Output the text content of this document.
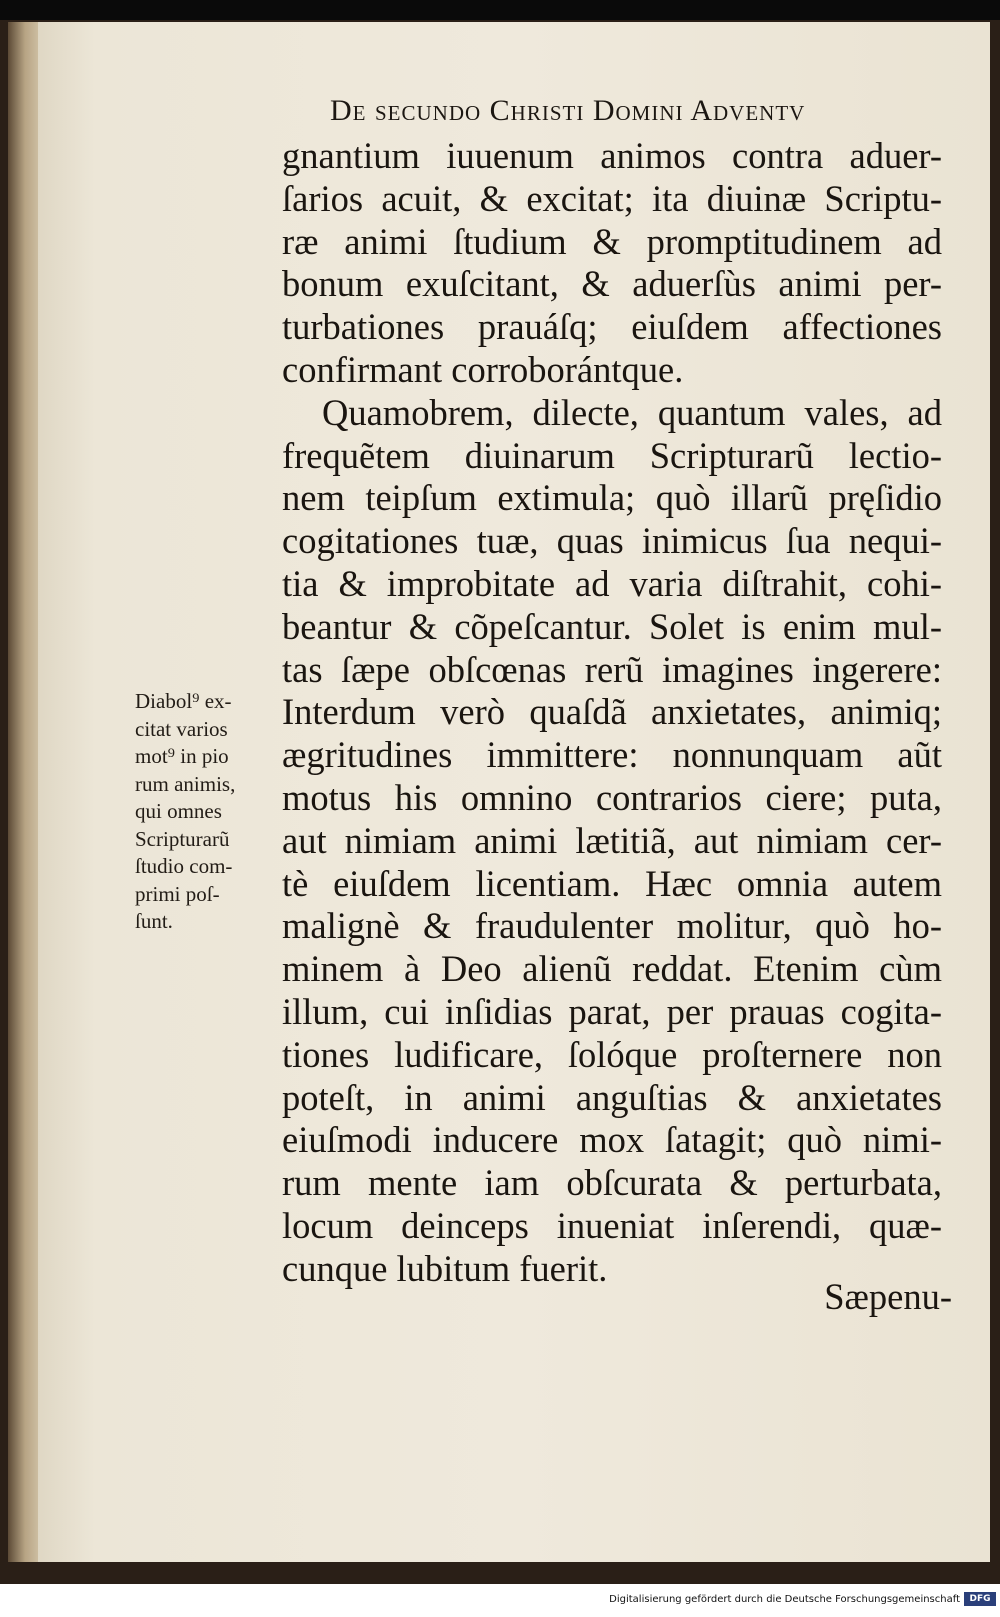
De secundo Christi Domini Adventv
gnantium iuuenum animos contra aduer-
ſarios acuit, & excitat; ita diuinæ Scriptu-
ræ animi ſtudium & promptitudinem ad
bonum exuſcitant, & aduerſùs animi per-
turbationes prauáſq; eiuſdem affectiones
confirmant corroborántque.
Quamobrem, dilecte, quantum vales, ad
frequẽtem diuinarum Scripturarũ lectio-
nem teipſum extimula; quò illarũ pręſidio
cogitationes tuæ, quas inimicus ſua nequi-
tia & improbitate ad varia diſtrahit, cohi-
beantur & cõpeſcantur. Solet is enim mul-
tas ſæpe obſcœnas rerũ imagines ingerere:
Interdum verò quaſdã anxietates, animiq;
ægritudines immittere: nonnunquam aũt
motus his omnino contrarios ciere; puta,
aut nimiam animi lætitiã, aut nimiam cer-
tè eiuſdem licentiam. Hæc omnia autem
malignè & fraudulenter molitur, quò ho-
minem à Deo alienũ reddat. Etenim cùm
illum, cui inſidias parat, per prauas cogita-
tiones ludificare, ſolóque proſternere non
poteſt, in animi anguſtias & anxietates
eiuſmodi inducere mox ſatagit; quò nimi-
rum mente iam obſcurata & perturbata,
locum deinceps inueniat inſerendi, quæ-
cunque lubitum fuerit.
Sæpenu-
Diabol⁹ ex-
citat varios
mot⁹ in pio
rum animis,
qui omnes
Scripturarũ
ſtudio com-
primi poſ-
ſunt.
Digitalisierung gefördert durch die Deutsche Forschungsgemeinschaft	DFG
